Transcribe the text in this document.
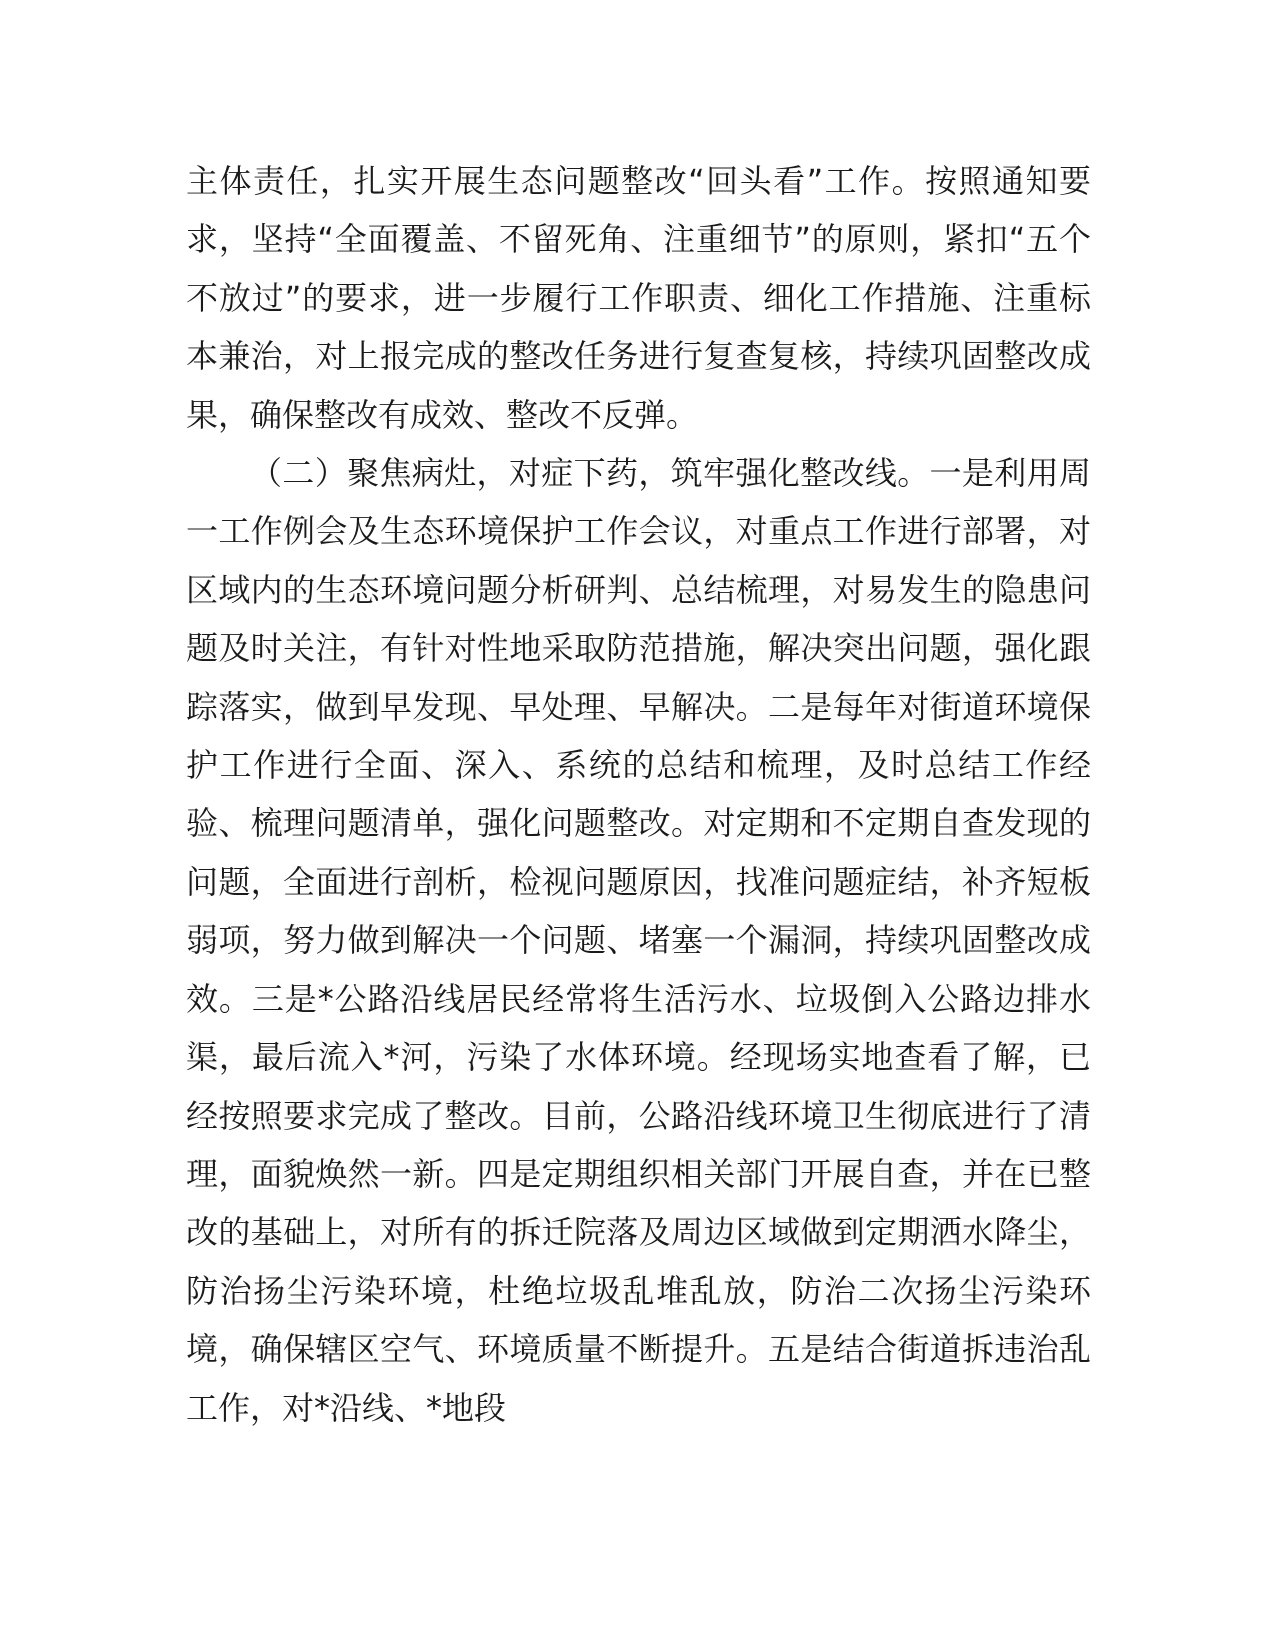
主体责任，扎实开展生态问题整改“回头看”工作。按照通知要求，坚持“全面覆盖、不留死角、注重细节”的原则，紧扣“五个不放过”的要求，进一步履行工作职责、细化工作措施、注重标本兼治，对上报完成的整改任务进行复查复核，持续巩固整改成果，确保整改有成效、整改不反弹。

（二）聚焦病灶，对症下药，筑牢强化整改线。一是利用周一工作例会及生态环境保护工作会议，对重点工作进行部署，对区域内的生态环境问题分析研判、总结梳理，对易发生的隐患问题及时关注，有针对性地采取防范措施，解决突出问题，强化跟踪落实，做到早发现、早处理、早解决。二是每年对街道环境保护工作进行全面、深入、系统的总结和梳理，及时总结工作经验、梳理问题清单，强化问题整改。对定期和不定期自查发现的问题，全面进行剖析，检视问题原因，找准问题症结，补齐短板弱项，努力做到解决一个问题、堵塞一个漏洞，持续巩固整改成效。三是*公路沿线居民经常将生活污水、垃圾倒入公路边排水渠，最后流入*河，污染了水体环境。经现场实地查看了解，已经按照要求完成了整改。目前，公路沿线环境卫生彻底进行了清理，面貌焕然一新。四是定期组织相关部门开展自查，并在已整改的基础上，对所有的拆迁院落及周边区域做到定期洒水降尘，防治扬尘污染环境，杜绝垃圾乱堆乱放，防治二次扬尘污染环境，确保辖区空气、环境质量不断提升。五是结合街道拆违治乱工作，对*沿线、*地段
